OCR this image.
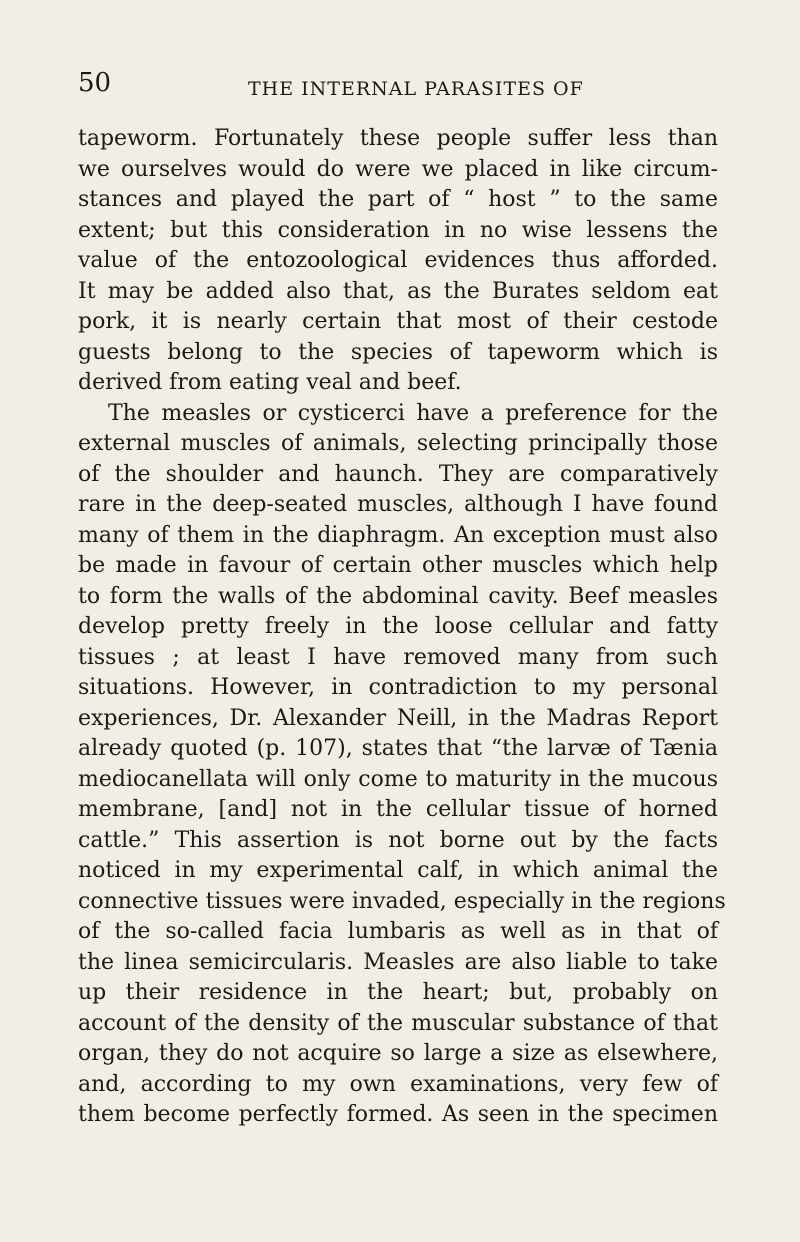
50	THE INTERNAL PARASITES OF
tapeworm. Fortunately these people suffer less than
we ourselves would do were we placed in like circum-
stances and played the part of “ host ” to the same
extent; but this consideration in no wise lessens the
value of the entozoological evidences thus afforded.
It may be added also that, as the Burates seldom eat
pork, it is nearly certain that most of their cestode
guests belong to the species of tapeworm which is
derived from eating veal and beef.
The measles or cysticerci have a preference for the
external muscles of animals, selecting principally those
of the shoulder and haunch. They are comparatively
rare in the deep-seated muscles, although I have found
many of them in the diaphragm. An exception must also
be made in favour of certain other muscles which help
to form the walls of the abdominal cavity. Beef measles
develop pretty freely in the loose cellular and fatty
tissues ; at least I have removed many from such
situations. However, in contradiction to my personal
experiences, Dr. Alexander Neill, in the Madras Report
already quoted (p. 107), states that “the larvæ of Tænia
mediocanellata will only come to maturity in the mucous
membrane, [and] not in the cellular tissue of horned
cattle.” This assertion is not borne out by the facts
noticed in my experimental calf, in which animal the
connective tissues were invaded, especially in the regions
of the so-called facia lumbaris as well as in that of
the linea semicircularis. Measles are also liable to take
up their residence in the heart; but, probably on
account of the density of the muscular substance of that
organ, they do not acquire so large a size as elsewhere,
and, according to my own examinations, very few of
them become perfectly formed. As seen in the specimen
